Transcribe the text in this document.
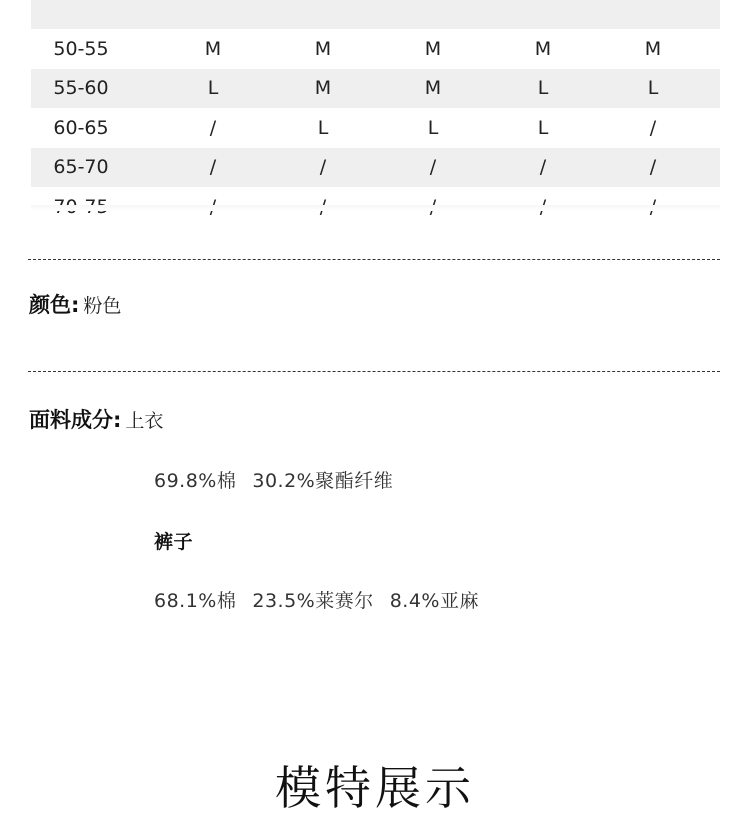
50-55	M	M	M	M	M
55-60	L	M	M	L	L
60-65	/	L	L	L	/
65-70	/	/	/	/	/
颜色: 粉色
面料成分: 上衣
69.8%棉 30.2%聚酯纤维
裤子
68.1%棉 23.5%莱赛尔 8.4%亚麻
模特展示
